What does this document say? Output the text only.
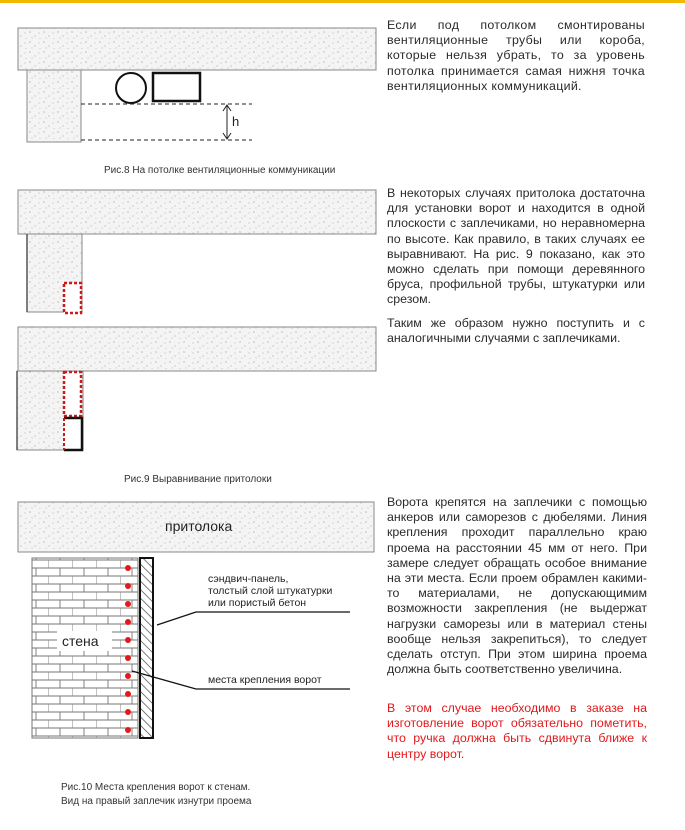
h
притолока
стена
сэндвич-панель,
толстый слой штукатурки
или пористый бетон
места крепления ворот

Если под потолком смонтированы вентиляционные трубы или короба, которые нельзя убрать, то за уровень потолка принимается самая нижня точка вентиляционных коммуникаций.

Рис.8 На потолке вентиляционные коммуникации

В некоторых случаях притолока достаточна для установки ворот и находится в одной плоскости с заплечиками, но неравномерна по высоте. Как правило, в таких случаях ее выравнивают. На рис. 9 показано, как это можно сделать при помощи деревянного бруса, профильной трубы, штукатурки или срезом.

Таким же образом нужно поступить и с аналогичными случаями с заплечиками.

Рис.9 Выравнивание притолоки

Ворота крепятся на заплечики с помощью анкеров или саморезов с дюбелями. Линия крепления проходит параллельно краю проема на расстоянии 45 мм от него. При замере следует обращать особое внимание на эти места. Если проем обрамлен какими-то материалами, не допускающимим возможности закрепления (не выдержат нагрузки саморезы или в материал стены вообще нельзя закрепиться), то следует сделать отступ. При этом ширина проема должна быть соответственно увеличина.

В этом случае необходимо в заказе на изготовление ворот обязательно пометить, что ручка должна быть сдвинута ближе к центру ворот.

Рис.10 Места крепления ворот к стенам.

Вид на правый заплечик изнутри проема
